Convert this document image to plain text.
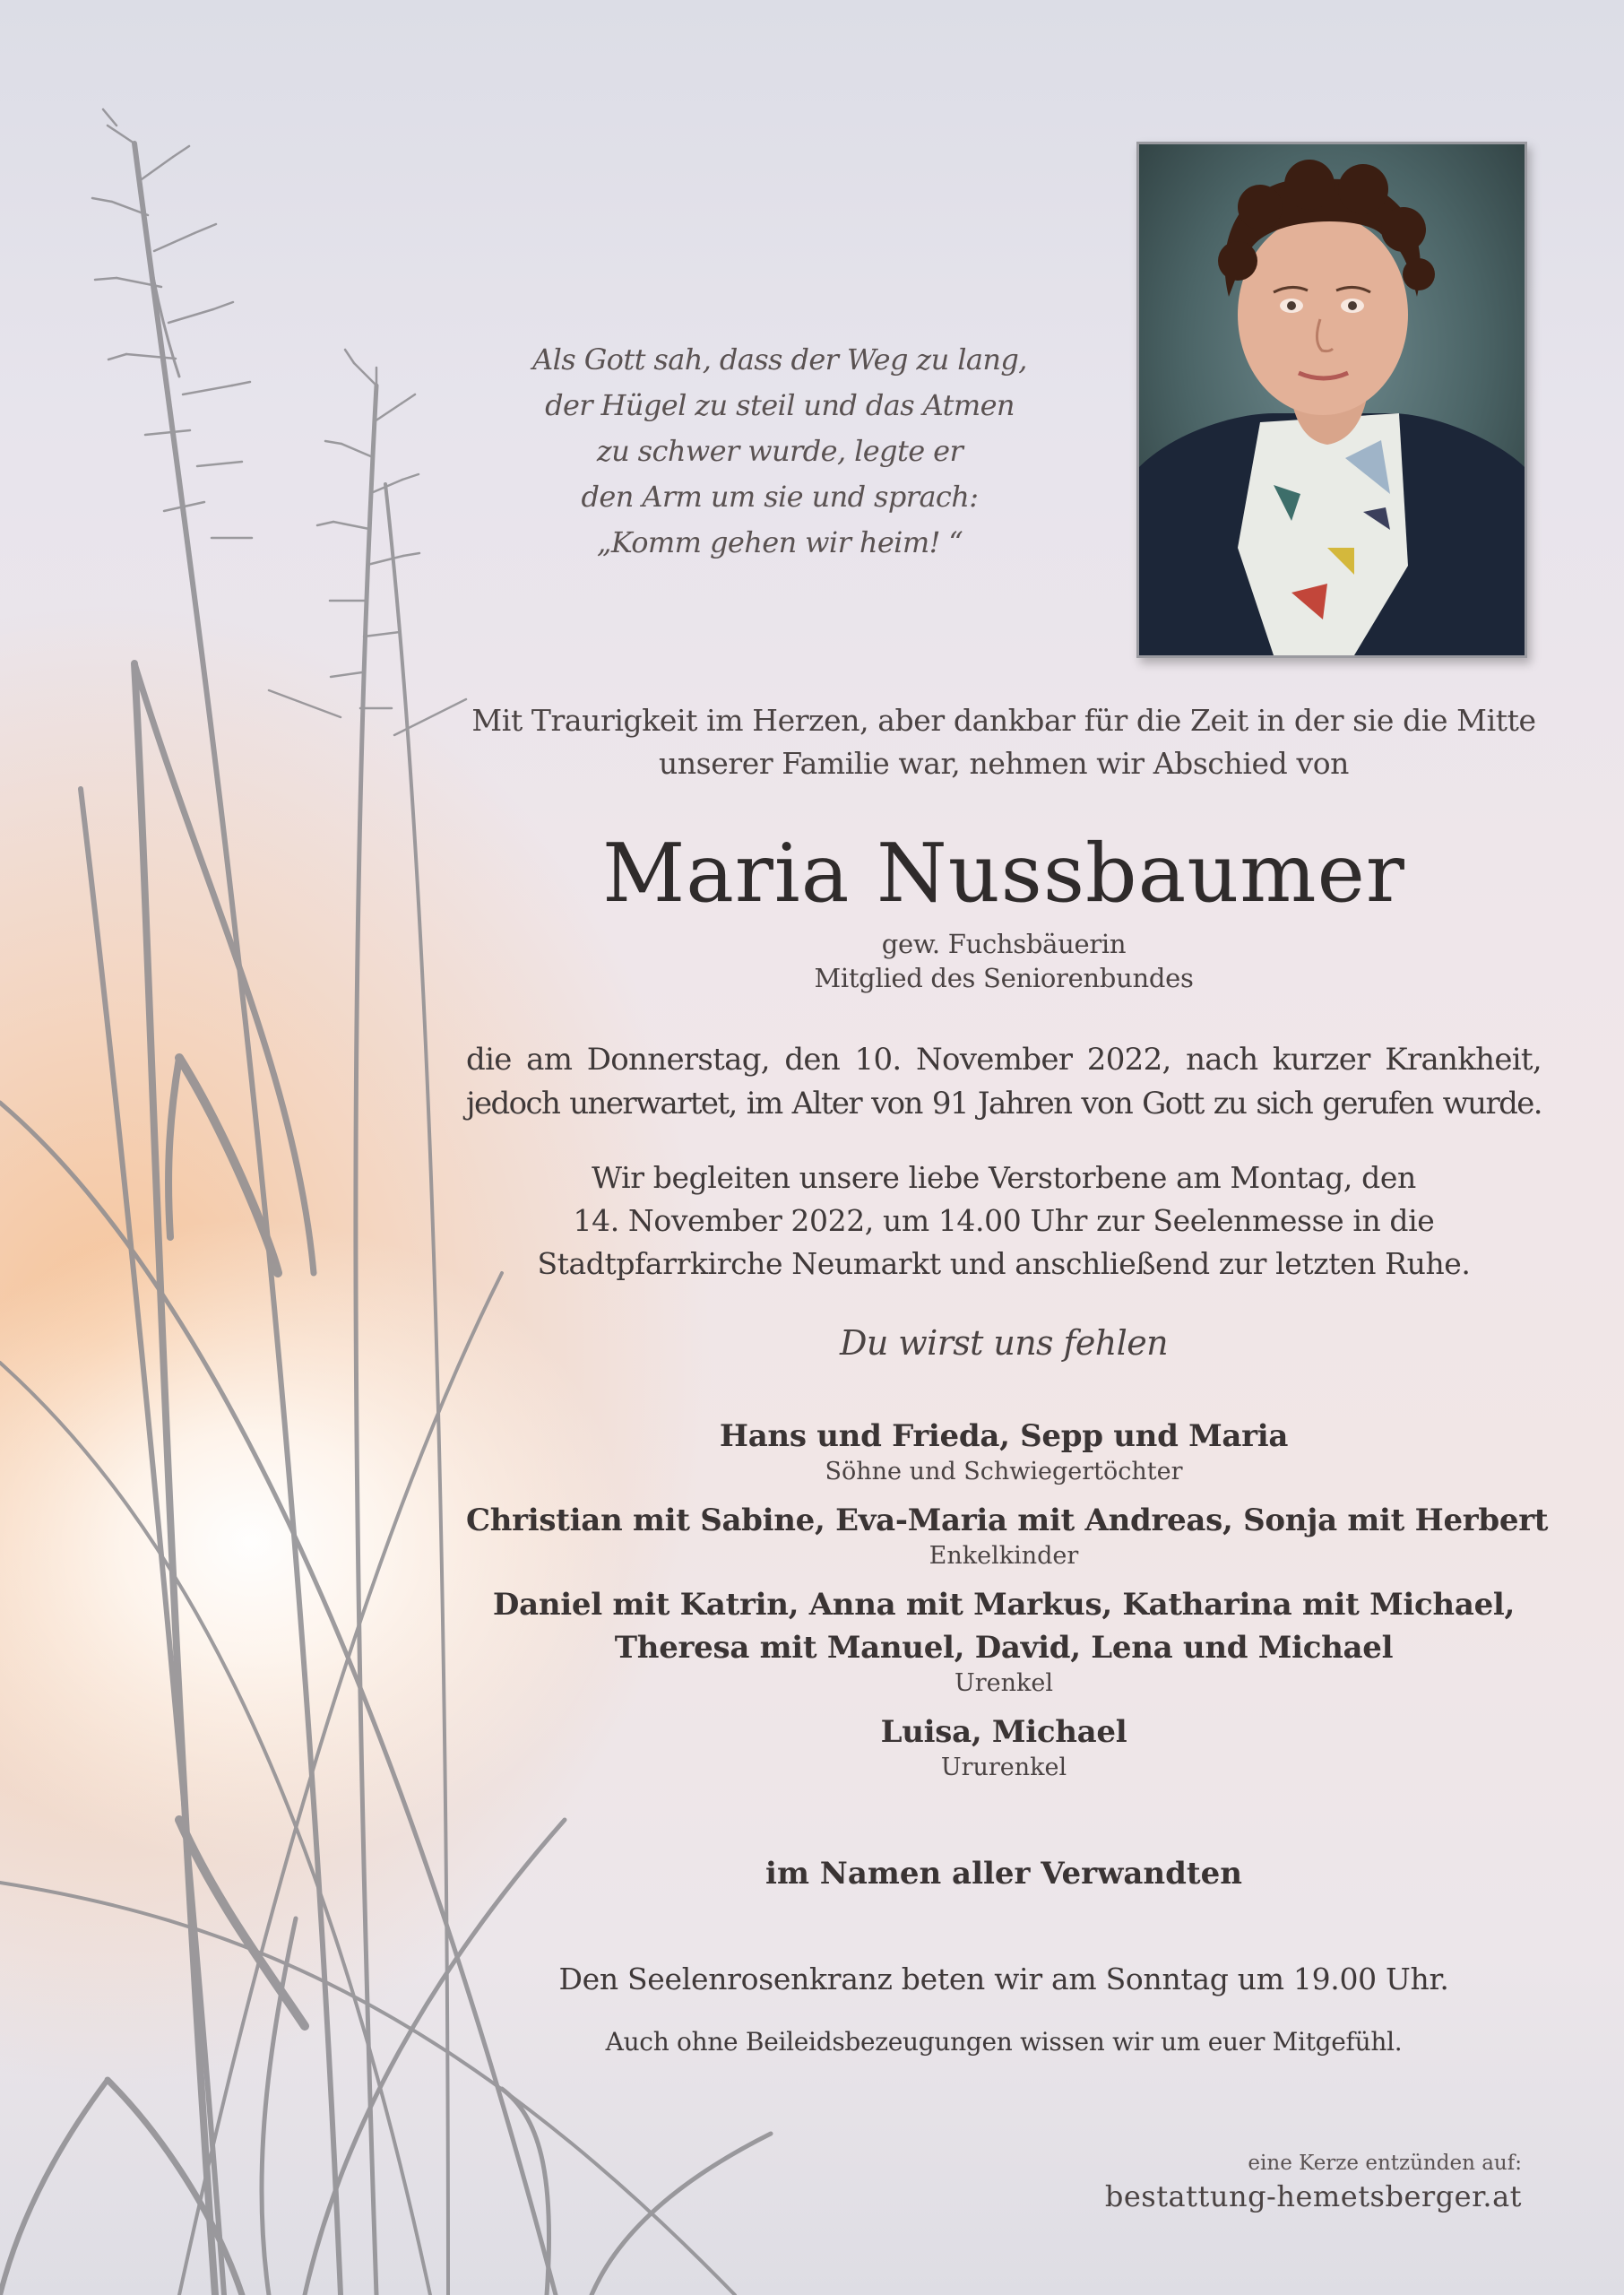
Als Gott sah, dass der Weg zu lang,
der Hügel zu steil und das Atmen
zu schwer wurde, legte er
den Arm um sie und sprach:
„Komm gehen wir heim! “
Mit Traurigkeit im Herzen, aber dankbar für die Zeit in der sie die Mitte
unserer Familie war, nehmen wir Abschied von
Maria Nussbaumer
gew. Fuchsbäuerin
Mitglied des Seniorenbundes
die am Donnerstag, den 10. November 2022, nach kurzer Krankheit,
jedoch unerwartet, im Alter von 91 Jahren von Gott zu sich gerufen wurde.
Wir begleiten unsere liebe Verstorbene am Montag, den
14. November 2022, um 14.00 Uhr zur Seelenmesse in die
Stadtpfarrkirche Neumarkt und anschließend zur letzten Ruhe.
Du wirst uns fehlen
Hans und Frieda, Sepp und Maria
Söhne und Schwiegertöchter
Christian mit Sabine, Eva-Maria mit Andreas, Sonja mit Herbert
Enkelkinder
Daniel mit Katrin, Anna mit Markus, Katharina mit Michael,
Theresa mit Manuel, David, Lena und Michael
Urenkel
Luisa, Michael
Ururenkel
im Namen aller Verwandten
Den Seelenrosenkranz beten wir am Sonntag um 19.00 Uhr.
Auch ohne Beileidsbezeugungen wissen wir um euer Mitgefühl.
eine Kerze entzünden auf:
bestattung-hemetsberger.at
